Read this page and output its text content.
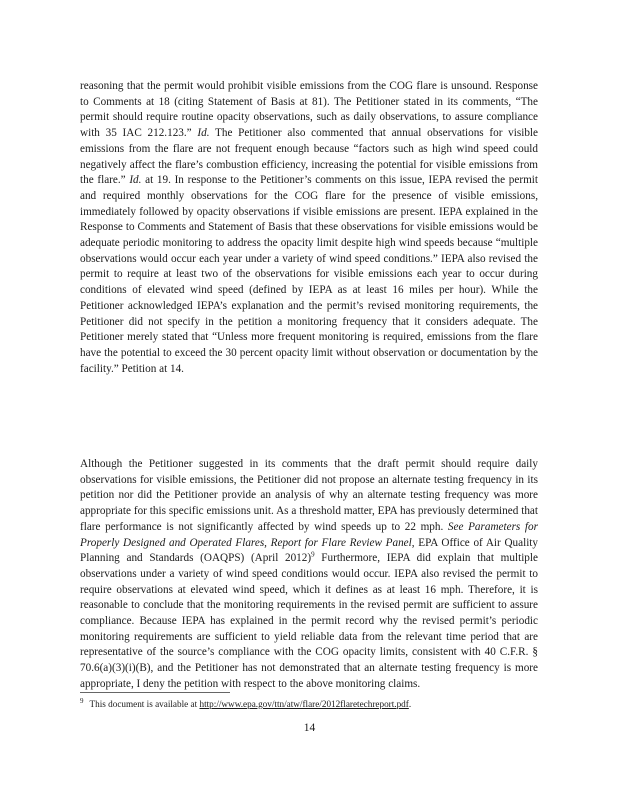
reasoning that the permit would prohibit visible emissions from the COG flare is unsound. Response to Comments at 18 (citing Statement of Basis at 81). The Petitioner stated in its comments, “The permit should require routine opacity observations, such as daily observations, to assure compliance with 35 IAC 212.123.” Id. The Petitioner also commented that annual observations for visible emissions from the flare are not frequent enough because “factors such as high wind speed could negatively affect the flare’s combustion efficiency, increasing the potential for visible emissions from the flare.” Id. at 19. In response to the Petitioner’s comments on this issue, IEPA revised the permit and required monthly observations for the COG flare for the presence of visible emissions, immediately followed by opacity observations if visible emissions are present. IEPA explained in the Response to Comments and Statement of Basis that these observations for visible emissions would be adequate periodic monitoring to address the opacity limit despite high wind speeds because “multiple observations would occur each year under a variety of wind speed conditions.” IEPA also revised the permit to require at least two of the observations for visible emissions each year to occur during conditions of elevated wind speed (defined by IEPA as at least 16 miles per hour). While the Petitioner acknowledged IEPA’s explanation and the permit’s revised monitoring requirements, the Petitioner did not specify in the petition a monitoring frequency that it considers adequate. The Petitioner merely stated that “Unless more frequent monitoring is required, emissions from the flare have the potential to exceed the 30 percent opacity limit without observation or documentation by the facility.” Petition at 14.

Although the Petitioner suggested in its comments that the draft permit should require daily observations for visible emissions, the Petitioner did not propose an alternate testing frequency in its petition nor did the Petitioner provide an analysis of why an alternate testing frequency was more appropriate for this specific emissions unit. As a threshold matter, EPA has previously determined that flare performance is not significantly affected by wind speeds up to 22 mph. See Parameters for Properly Designed and Operated Flares, Report for Flare Review Panel, EPA Office of Air Quality Planning and Standards (OAQPS) (April 2012)$^9$ Furthermore, IEPA did explain that multiple observations under a variety of wind speed conditions would occur. IEPA also revised the permit to require observations at elevated wind speed, which it defines as at least 16 mph. Therefore, it is reasonable to conclude that the monitoring requirements in the revised permit are sufficient to assure compliance. Because IEPA has explained in the permit record why the revised permit’s periodic monitoring requirements are sufficient to yield reliable data from the relevant time period that are representative of the source’s compliance with the COG opacity limits, consistent with 40 C.F.R. § 70.6(a)(3)(i)(B), and the Petitioner has not demonstrated that an alternate testing frequency is more appropriate, I deny the petition with respect to the above monitoring claims.

$^9$ This document is available at http://www.epa.gov/ttn/atw/flare/2012flaretechreport.pdf.

14
